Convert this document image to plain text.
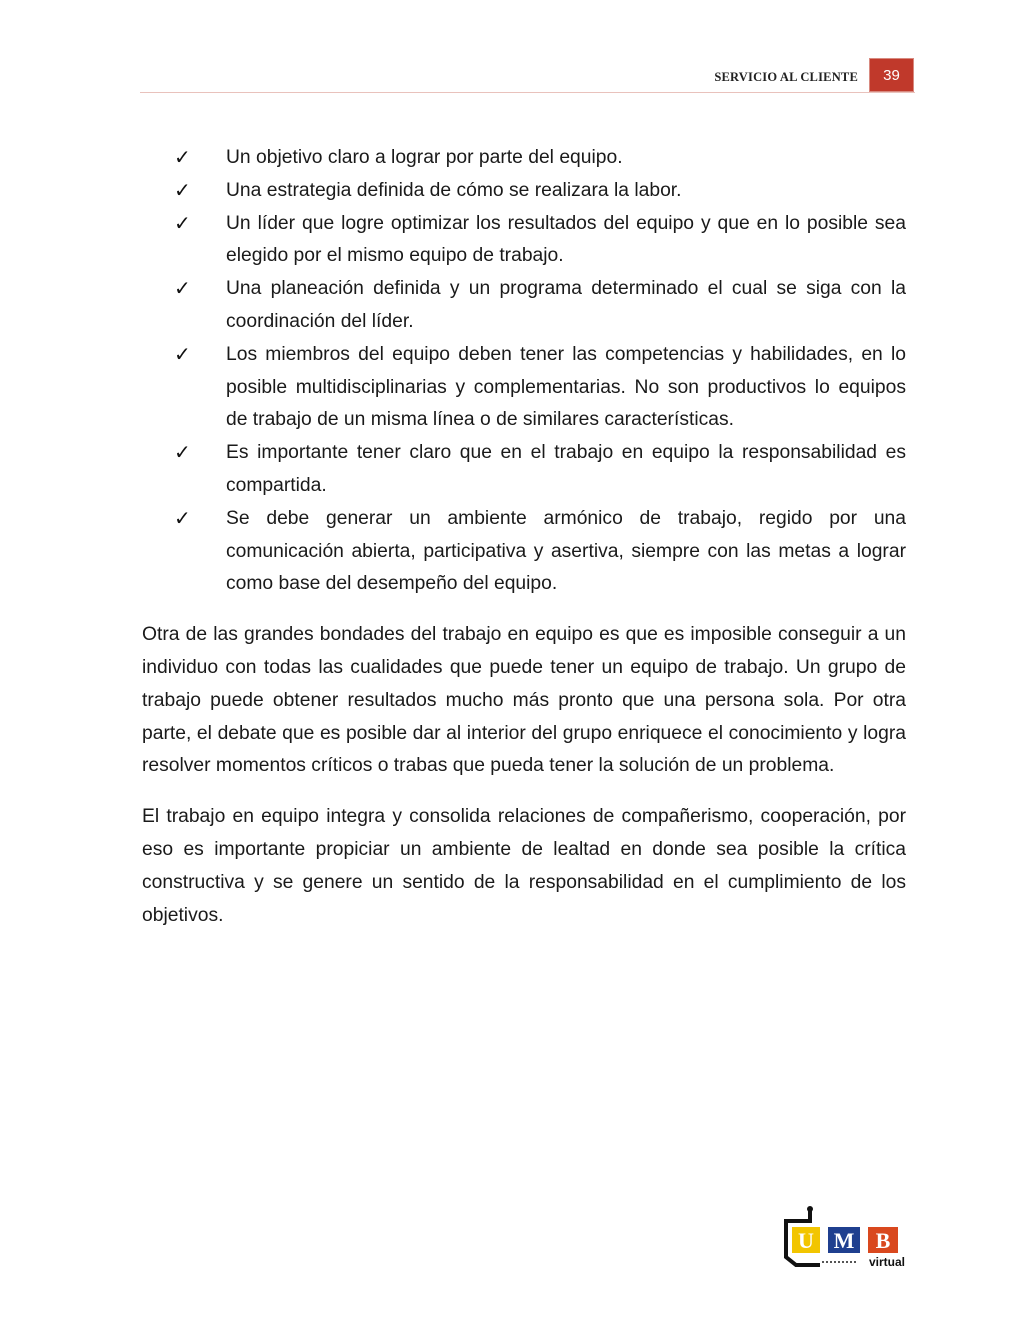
SERVICIO AL CLIENTE	39
✓ Un objetivo claro a lograr por parte del equipo.
✓ Una estrategia definida de cómo se realizara la labor.
✓ Un líder que logre optimizar los resultados del equipo y que en lo posible sea elegido por el mismo equipo de trabajo.
✓ Una planeación definida y un programa determinado el cual se siga con la coordinación del líder.
✓ Los miembros del equipo deben tener las competencias y habilidades, en lo posible multidisciplinarias y complementarias. No son productivos lo equipos de trabajo de un misma línea o de similares características.
✓ Es importante tener claro que en el trabajo en equipo la responsabilidad es compartida.
✓ Se debe generar un ambiente armónico de trabajo, regido por una comunicación abierta, participativa y asertiva, siempre con las metas a lograr como base del desempeño del equipo.

Otra de las grandes bondades del trabajo en equipo es que es imposible conseguir a un individuo con todas las cualidades que puede tener un equipo de trabajo. Un grupo de trabajo puede obtener resultados mucho más pronto que una persona sola. Por otra parte, el debate que es posible dar al interior del grupo enriquece el conocimiento y logra resolver momentos críticos o trabas que pueda tener la solución de un problema.

El trabajo en equipo integra y consolida relaciones de compañerismo, cooperación, por eso es importante propiciar un ambiente de lealtad en donde sea posible la crítica constructiva y se genere un sentido de la responsabilidad en el cumplimiento de los objetivos.

U M B
virtual
